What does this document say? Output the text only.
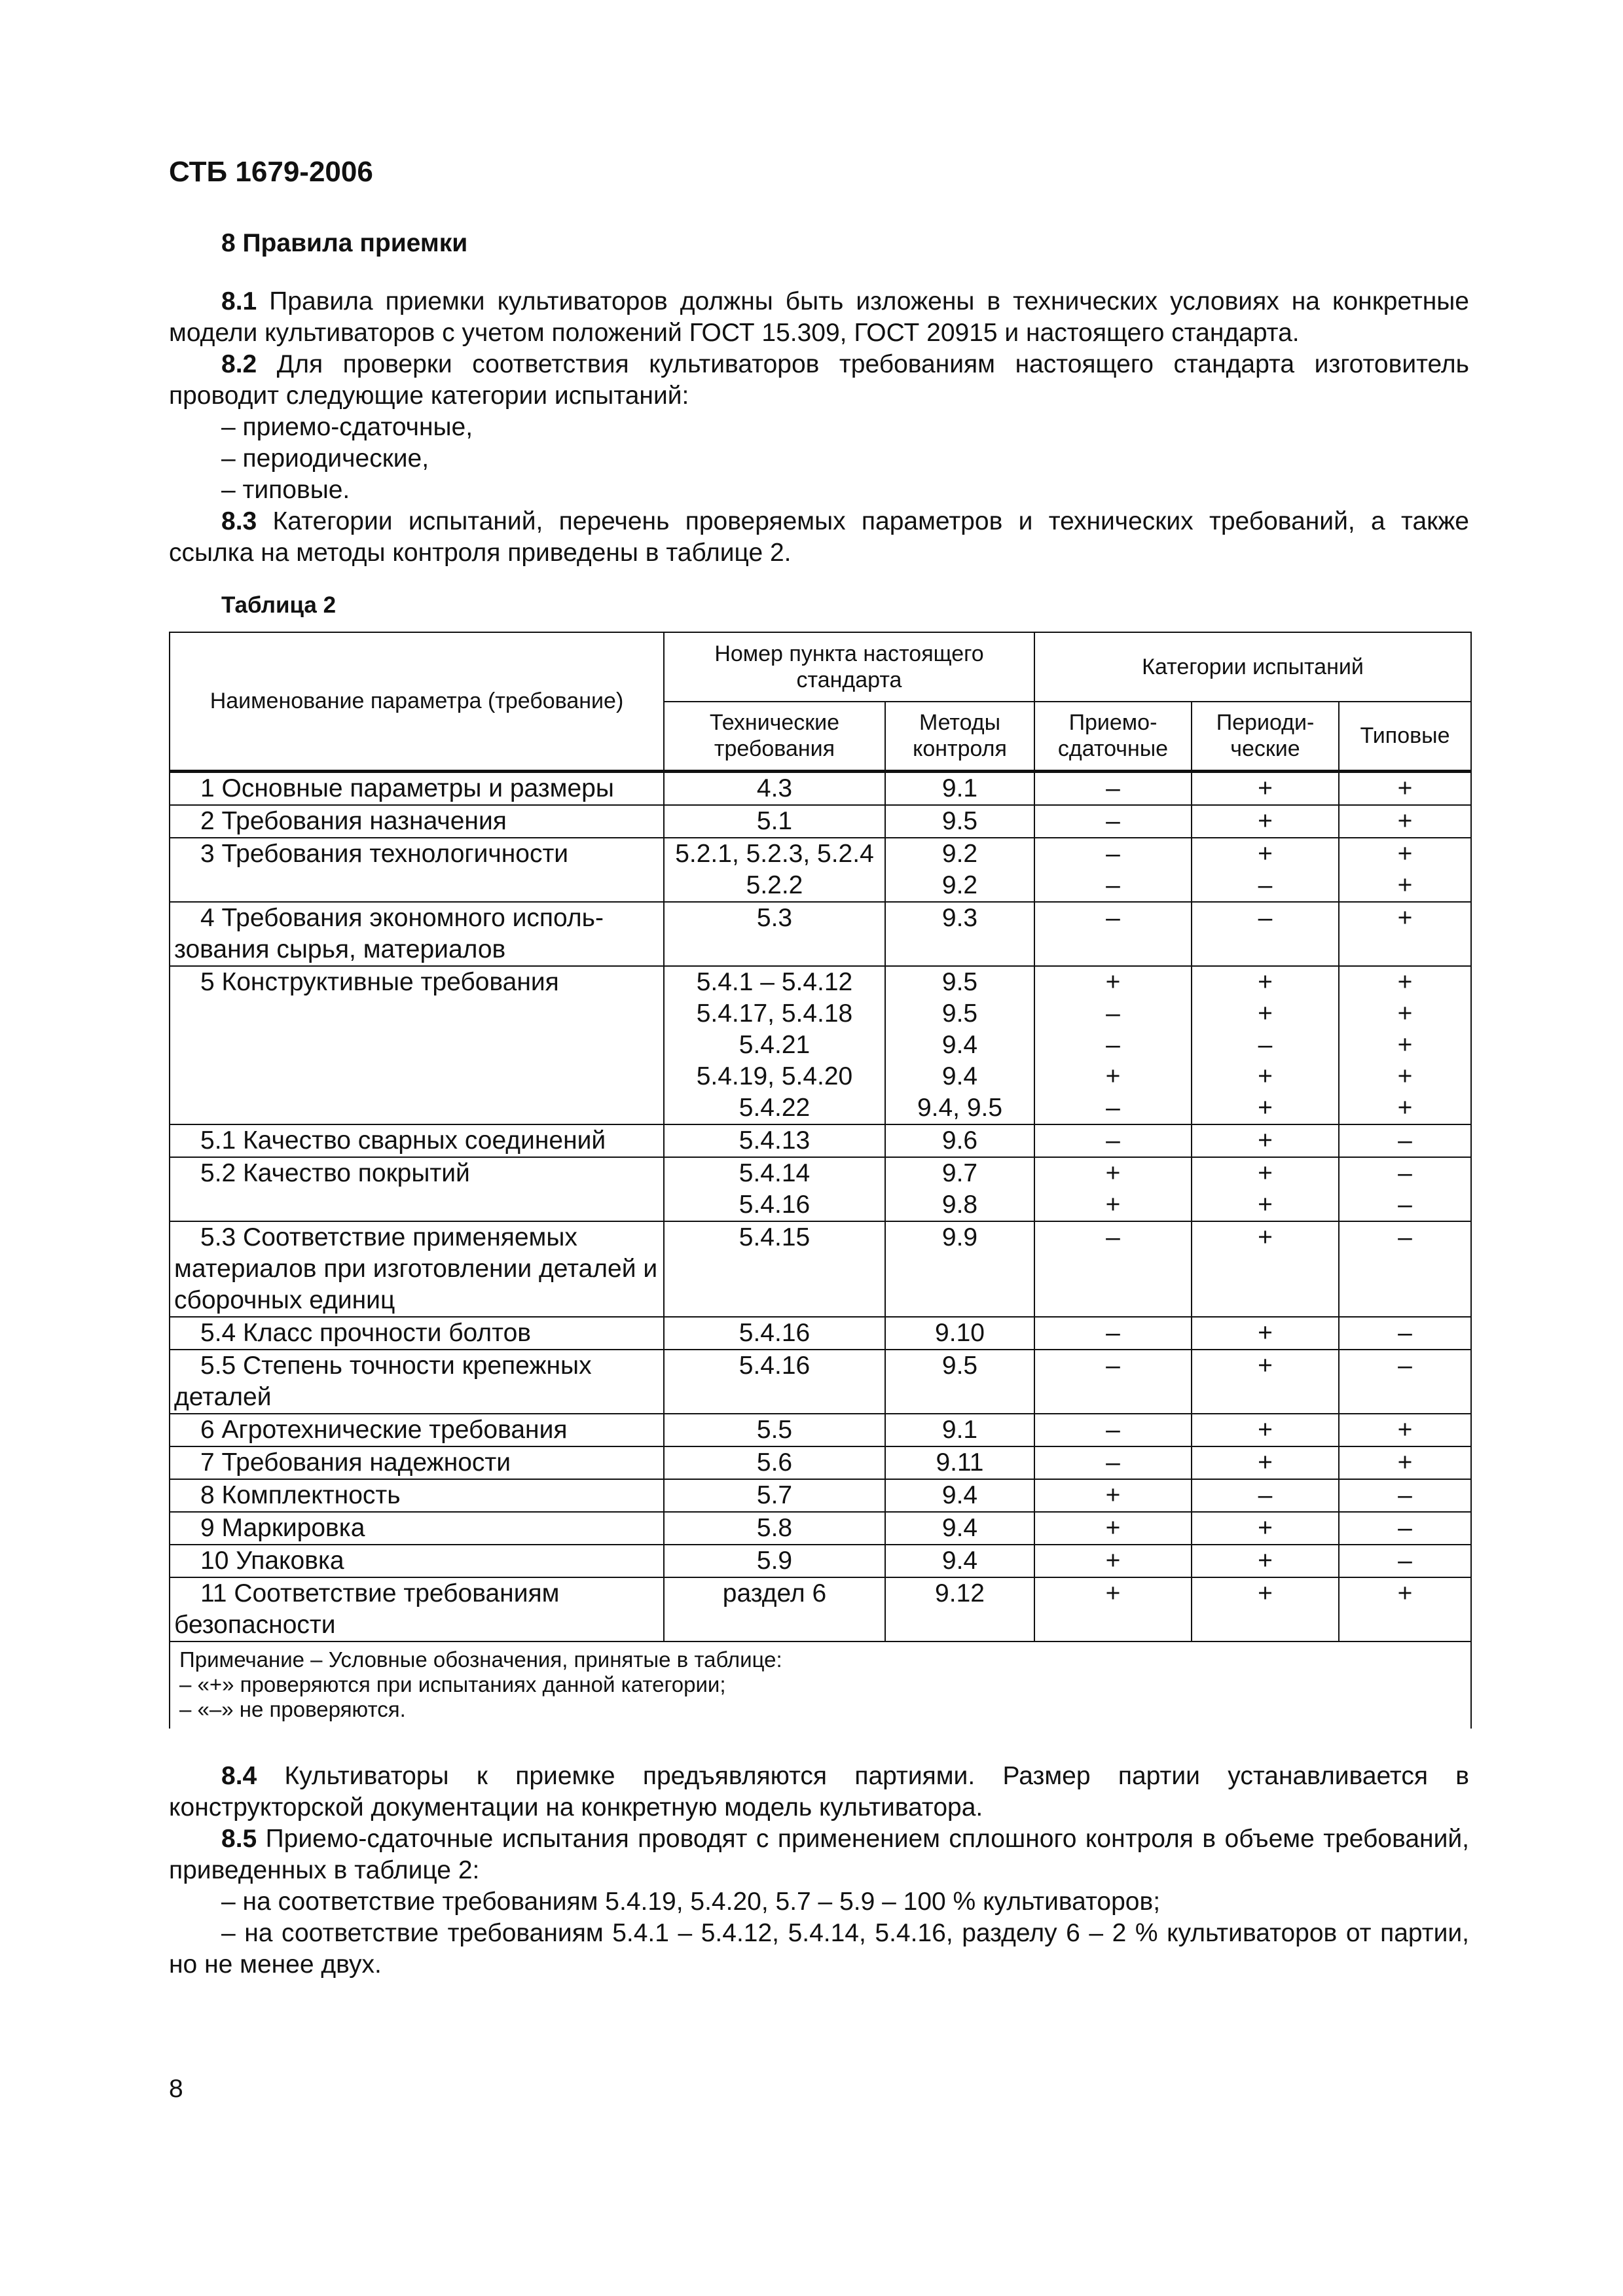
СТБ 1679-2006
8 Правила приемки

8.1 Правила приемки культиваторов должны быть изложены в технических условиях на конкретные модели культиваторов с учетом положений ГОСТ 15.309, ГОСТ 20915 и настоящего стандарта.

8.2 Для проверки соответствия культиваторов требованиям настоящего стандарта изготовитель проводит следующие категории испытаний:

– приемо-сдаточные,

– периодические,

– типовые.

8.3 Категории испытаний, перечень проверяемых параметров и технических требований, а также ссылка на методы контроля приведены в таблице 2.

Таблица 2
Наименование параметра (требование)	Номер пункта настоящего стандарта		Категории испытаний		
	Технические требования	Методы контроля	Приемо-сдаточные	Периоди-ческие	Типовые
1 Основные параметры и размеры	4.3	9.1	–	+	+
2 Требования назначения	5.1	9.5	–	+	+
3 Требования технологичности	5.2.1, 5.2.3, 5.2.4	9.2	–	+	+
	5.2.2	9.2	–	–	+
4 Требования экономного исполь-зования сырья, материалов	5.3	9.3	–	–	+
5 Конструктивные требования	5.4.1 – 5.4.12	9.5	+	+	+
	5.4.17, 5.4.18	9.5	–	+	+
	5.4.21	9.4	–	–	+
	5.4.19, 5.4.20	9.4	+	+	+
	5.4.22	9.4, 9.5	–	+	+
5.1 Качество сварных соединений	5.4.13	9.6	–	+	–
5.2 Качество покрытий	5.4.14	9.7	+	+	–
	5.4.16	9.8	+	+	–
5.3 Соответствие применяемых материалов при изготовлении деталей и сборочных единиц	5.4.15	9.9	–	+	–
5.4 Класс прочности болтов	5.4.16	9.10	–	+	–
5.5 Степень точности крепежных деталей	5.4.16	9.5	–	+	–
6 Агротехнические требования	5.5	9.1	–	+	+
7 Требования надежности	5.6	9.11	–	+	+
8 Комплектность	5.7	9.4	+	–	–
9 Маркировка	5.8	9.4	+	+	–
10 Упаковка	5.9	9.4	+	+	–
11 Соответствие требованиям безопасности	раздел 6	9.12	+	+	+

Примечание – Условные обозначения, принятые в таблице:
– «+» проверяются при испытаниях данной категории;
– «–» не проверяются.					

8.4 Культиваторы к приемке предъявляются партиями. Размер партии устанавливается в конструкторской документации на конкретную модель культиватора.

8.5 Приемо-сдаточные испытания проводят с применением сплошного контроля в объеме требований, приведенных в таблице 2:

– на соответствие требованиям 5.4.19, 5.4.20, 5.7 – 5.9 – 100 % культиваторов;

– на соответствие требованиям 5.4.1 – 5.4.12, 5.4.14, 5.4.16, разделу 6 – 2 % культиваторов от партии, но не менее двух.

8
